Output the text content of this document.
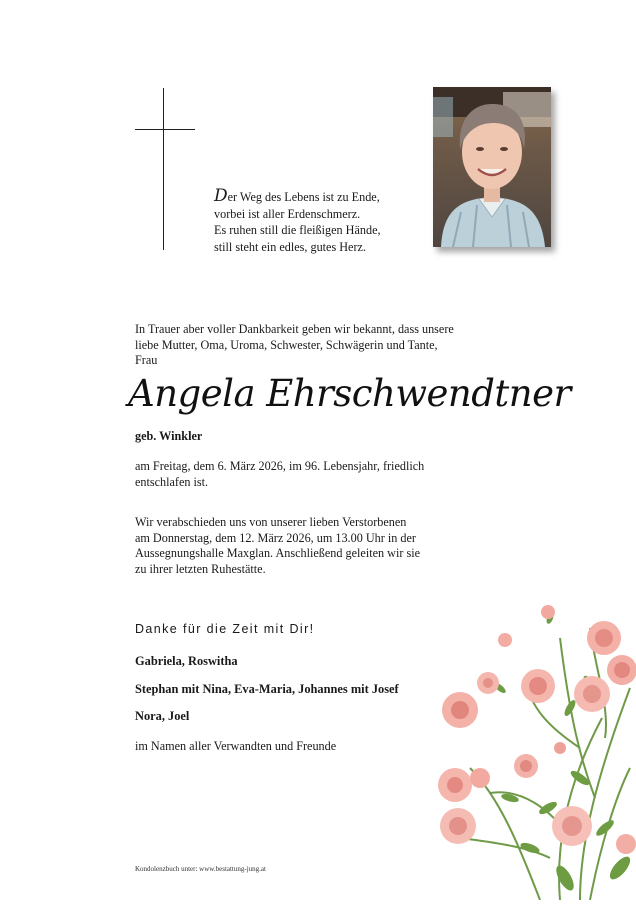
Der Weg des Lebens ist zu Ende,
vorbei ist aller Erdenschmerz.
Es ruhen still die fleißigen Hände,
still steht ein edles, gutes Herz.
In Trauer aber voller Dankbarkeit geben wir bekannt, dass unsere
liebe Mutter, Oma, Uroma, Schwester, Schwägerin und Tante,
Frau
Angela Ehrschwendtner
geb. Winkler
am Freitag, dem 6. März 2026, im 96. Lebensjahr, friedlich
entschlafen ist.
Wir verabschieden uns von unserer lieben Verstorbenen
am Donnerstag, dem 12. März 2026, um 13.00 Uhr in der
Aussegnungshalle Maxglan. Anschließend geleiten wir sie
zu ihrer letzten Ruhestätte.
Danke für die Zeit mit Dir!
Gabriela, Roswitha
Stephan mit Nina, Eva-Maria, Johannes mit Josef
Nora, Joel
im Namen aller Verwandten und Freunde
Kondolenzbuch unter: www.bestattung-jung.at
